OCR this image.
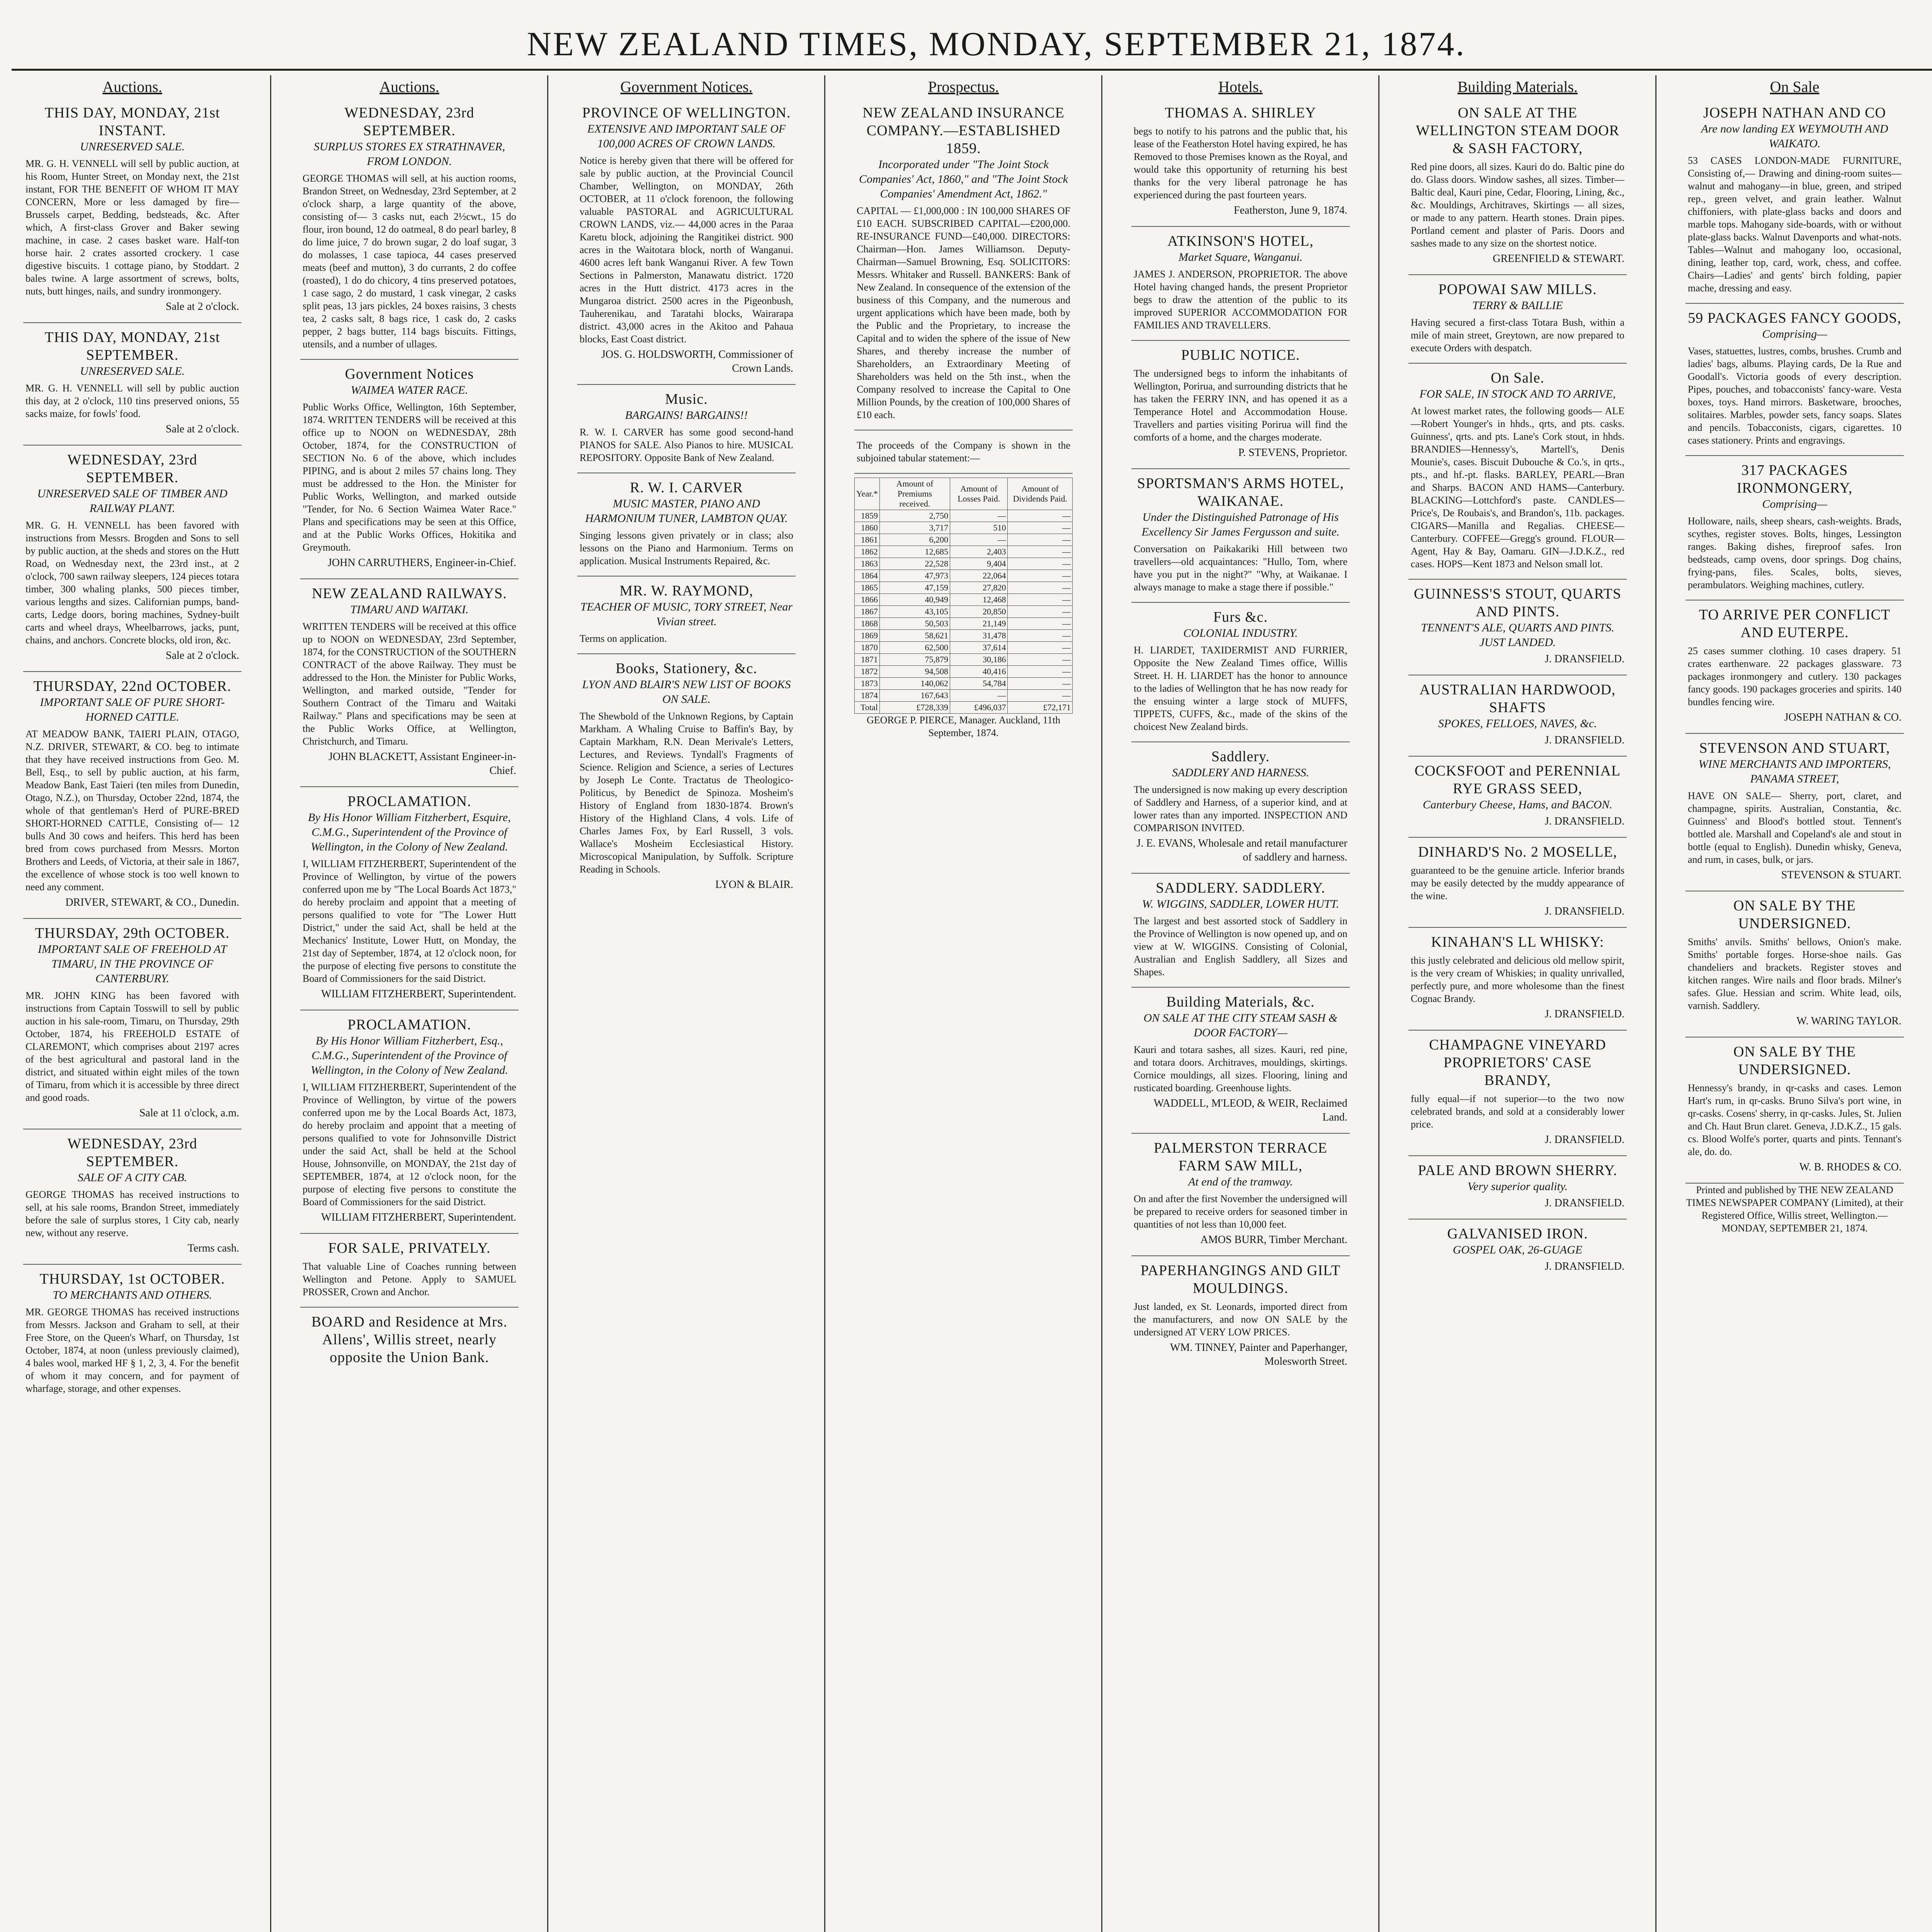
NEW ZEALAND TIMES, MONDAY, SEPTEMBER 21, 1874.
Auctions.
THIS DAY, MONDAY, 21st INSTANT.
UNRESERVED SALE.
MR. G. H. VENNELL will sell by public auction, at his Room, Hunter Street, on Monday next, the 21st instant, FOR THE BENEFIT OF WHOM IT MAY CONCERN, More or less damaged by fire— Brussels carpet, Bedding, bedsteads, &c. After which, A first-class Grover and Baker sewing machine, in case. 2 cases basket ware. Half-ton horse hair. 2 crates assorted crockery. 1 case digestive biscuits. 1 cottage piano, by Stoddart. 2 bales twine. A large assortment of screws, bolts, nuts, butt hinges, nails, and sundry ironmongery.
Sale at 2 o'clock.
THIS DAY, MONDAY, 21st SEPTEMBER.
UNRESERVED SALE.
MR. G. H. VENNELL will sell by public auction this day, at 2 o'clock, 110 tins preserved onions, 55 sacks maize, for fowls' food.
Sale at 2 o'clock.
WEDNESDAY, 23rd SEPTEMBER.
UNRESERVED SALE OF TIMBER AND RAILWAY PLANT.
MR. G. H. VENNELL has been favored with instructions from Messrs. Brogden and Sons to sell by public auction, at the sheds and stores on the Hutt Road, on Wednesday next, the 23rd inst., at 2 o'clock, 700 sawn railway sleepers, 124 pieces totara timber, 300 whaling planks, 500 pieces timber, various lengths and sizes. Californian pumps, band-carts, Ledge doors, boring machines, Sydney-built carts and wheel drays, Wheelbarrows, jacks, punt, chains, and anchors. Concrete blocks, old iron, &c.
Sale at 2 o'clock.
THURSDAY, 22nd OCTOBER.
IMPORTANT SALE OF PURE SHORT-HORNED CATTLE.
AT MEADOW BANK, TAIERI PLAIN, OTAGO, N.Z. DRIVER, STEWART, & CO. beg to intimate that they have received instructions from Geo. M. Bell, Esq., to sell by public auction, at his farm, Meadow Bank, East Taieri (ten miles from Dunedin, Otago, N.Z.), on Thursday, October 22nd, 1874, the whole of that gentleman's Herd of PURE-BRED SHORT-HORNED CATTLE, Consisting of— 12 bulls And 30 cows and heifers. This herd has been bred from cows purchased from Messrs. Morton Brothers and Leeds, of Victoria, at their sale in 1867, the excellence of whose stock is too well known to need any comment.
DRIVER, STEWART, & CO., Dunedin.
THURSDAY, 29th OCTOBER.
IMPORTANT SALE OF FREEHOLD AT TIMARU, IN THE PROVINCE OF CANTERBURY.
MR. JOHN KING has been favored with instructions from Captain Tosswill to sell by public auction in his sale-room, Timaru, on Thursday, 29th October, 1874, his FREEHOLD ESTATE of CLAREMONT, which comprises about 2197 acres of the best agricultural and pastoral land in the district, and situated within eight miles of the town of Timaru, from which it is accessible by three direct and good roads.
Sale at 11 o'clock, a.m.
WEDNESDAY, 23rd SEPTEMBER.
SALE OF A CITY CAB.
GEORGE THOMAS has received instructions to sell, at his sale rooms, Brandon Street, immediately before the sale of surplus stores, 1 City cab, nearly new, without any reserve.
Terms cash.
THURSDAY, 1st OCTOBER.
TO MERCHANTS AND OTHERS.
MR. GEORGE THOMAS has received instructions from Messrs. Jackson and Graham to sell, at their Free Store, on the Queen's Wharf, on Thursday, 1st October, 1874, at noon (unless previously claimed), 4 bales wool, marked HF § 1, 2, 3, 4. For the benefit of whom it may concern, and for payment of wharfage, storage, and other expenses.
Auctions.
WEDNESDAY, 23rd SEPTEMBER.
SURPLUS STORES EX STRATHNAVER, FROM LONDON.
GEORGE THOMAS will sell, at his auction rooms, Brandon Street, on Wednesday, 23rd September, at 2 o'clock sharp, a large quantity of the above, consisting of— 3 casks nut, each 2½cwt., 15 do flour, iron bound, 12 do oatmeal, 8 do pearl barley, 8 do lime juice, 7 do brown sugar, 2 do loaf sugar, 3 do molasses, 1 case tapioca, 44 cases preserved meats (beef and mutton), 3 do currants, 2 do coffee (roasted), 1 do do chicory, 4 tins preserved potatoes, 1 case sago, 2 do mustard, 1 cask vinegar, 2 casks split peas, 13 jars pickles, 24 boxes raisins, 3 chests tea, 2 casks salt, 8 bags rice, 1 cask do, 2 casks pepper, 2 bags butter, 114 bags biscuits. Fittings, utensils, and a number of ullages.
Government Notices
WAIMEA WATER RACE.
Public Works Office, Wellington, 16th September, 1874. WRITTEN TENDERS will be received at this office up to NOON on WEDNESDAY, 28th October, 1874, for the CONSTRUCTION of SECTION No. 6 of the above, which includes PIPING, and is about 2 miles 57 chains long. They must be addressed to the Hon. the Minister for Public Works, Wellington, and marked outside "Tender, for No. 6 Section Waimea Water Race." Plans and specifications may be seen at this Office, and at the Public Works Offices, Hokitika and Greymouth.
JOHN CARRUTHERS, Engineer-in-Chief.
NEW ZEALAND RAILWAYS.
TIMARU AND WAITAKI.
WRITTEN TENDERS will be received at this office up to NOON on WEDNESDAY, 23rd September, 1874, for the CONSTRUCTION of the SOUTHERN CONTRACT of the above Railway. They must be addressed to the Hon. the Minister for Public Works, Wellington, and marked outside, "Tender for Southern Contract of the Timaru and Waitaki Railway." Plans and specifications may be seen at the Public Works Office, at Wellington, Christchurch, and Timaru.
JOHN BLACKETT, Assistant Engineer-in-Chief.
PROCLAMATION.
By His Honor William Fitzherbert, Esquire, C.M.G., Superintendent of the Province of Wellington, in the Colony of New Zealand.
I, WILLIAM FITZHERBERT, Superintendent of the Province of Wellington, by virtue of the powers conferred upon me by "The Local Boards Act 1873," do hereby proclaim and appoint that a meeting of persons qualified to vote for "The Lower Hutt District," under the said Act, shall be held at the Mechanics' Institute, Lower Hutt, on Monday, the 21st day of September, 1874, at 12 o'clock noon, for the purpose of electing five persons to constitute the Board of Commissioners for the said District.
WILLIAM FITZHERBERT, Superintendent.
PROCLAMATION.
By His Honor William Fitzherbert, Esq., C.M.G., Superintendent of the Province of Wellington, in the Colony of New Zealand.
I, WILLIAM FITZHERBERT, Superintendent of the Province of Wellington, by virtue of the powers conferred upon me by the Local Boards Act, 1873, do hereby proclaim and appoint that a meeting of persons qualified to vote for Johnsonville District under the said Act, shall be held at the School House, Johnsonville, on MONDAY, the 21st day of SEPTEMBER, 1874, at 12 o'clock noon, for the purpose of electing five persons to constitute the Board of Commissioners for the said District.
WILLIAM FITZHERBERT, Superintendent.
FOR SALE, PRIVATELY.
That valuable Line of Coaches running between Wellington and Petone. Apply to SAMUEL PROSSER, Crown and Anchor.
BOARD and Residence at Mrs. Allens', Willis street, nearly opposite the Union Bank.
Government Notices.
PROVINCE OF WELLINGTON.
EXTENSIVE AND IMPORTANT SALE OF 100,000 ACRES OF CROWN LANDS.
Notice is hereby given that there will be offered for sale by public auction, at the Provincial Council Chamber, Wellington, on MONDAY, 26th OCTOBER, at 11 o'clock forenoon, the following valuable PASTORAL and AGRICULTURAL CROWN LANDS, viz.— 44,000 acres in the Paraa Karetu block, adjoining the Rangitikei district. 900 acres in the Waitotara block, north of Wanganui. 4600 acres left bank Wanganui River. A few Town Sections in Palmerston, Manawatu district. 1720 acres in the Hutt district. 4173 acres in the Mungaroa district. 2500 acres in the Pigeonbush, Tauherenikau, and Taratahi blocks, Wairarapa district. 43,000 acres in the Akitoo and Pahaua blocks, East Coast district.
JOS. G. HOLDSWORTH, Commissioner of Crown Lands.
Music.
BARGAINS! BARGAINS!!
R. W. I. CARVER has some good second-hand PIANOS for SALE. Also Pianos to hire. MUSICAL REPOSITORY. Opposite Bank of New Zealand.
R. W. I. CARVER
MUSIC MASTER, PIANO AND HARMONIUM TUNER, LAMBTON QUAY.
Singing lessons given privately or in class; also lessons on the Piano and Harmonium. Terms on application. Musical Instruments Repaired, &c.
MR. W. RAYMOND,
TEACHER OF MUSIC, TORY STREET, Near Vivian street.
Terms on application.
Books, Stationery, &c.
LYON AND BLAIR'S NEW LIST OF BOOKS ON SALE.
The Shewbold of the Unknown Regions, by Captain Markham. A Whaling Cruise to Baffin's Bay, by Captain Markham, R.N. Dean Merivale's Letters, Lectures, and Reviews. Tyndall's Fragments of Science. Religion and Science, a series of Lectures by Joseph Le Conte. Tractatus de Theologico-Politicus, by Benedict de Spinoza. Mosheim's History of England from 1830-1874. Brown's History of the Highland Clans, 4 vols. Life of Charles James Fox, by Earl Russell, 3 vols. Wallace's Mosheim Ecclesiastical History. Microscopical Manipulation, by Suffolk. Scripture Reading in Schools.
LYON & BLAIR.
Prospectus.
NEW ZEALAND INSURANCE COMPANY.—ESTABLISHED 1859.
Incorporated under "The Joint Stock Companies' Act, 1860," and "The Joint Stock Companies' Amendment Act, 1862."
CAPITAL — £1,000,000 : IN 100,000 SHARES OF £10 EACH. SUBSCRIBED CAPITAL—£200,000. RE-INSURANCE FUND—£40,000. DIRECTORS: Chairman—Hon. James Williamson. Deputy-Chairman—Samuel Browning, Esq. SOLICITORS: Messrs. Whitaker and Russell. BANKERS: Bank of New Zealand. In consequence of the extension of the business of this Company, and the numerous and urgent applications which have been made, both by the Public and the Proprietary, to increase the Capital and to widen the sphere of the issue of New Shares, and thereby increase the number of Shareholders, an Extraordinary Meeting of Shareholders was held on the 5th inst., when the Company resolved to increase the Capital to One Million Pounds, by the creation of 100,000 Shares of £10 each.
The proceeds of the Company is shown in the subjoined tabular statement:—
Year.*	Amount of Premiums received.	Amount of Losses Paid.	Amount of Dividends Paid.
1859	2,750	—	—
1860	3,717	510	—
1861	6,200	—	—
1862	12,685	2,403	—
1863	22,528	9,404	—
1864	47,973	22,064	—
1865	47,159	27,820	—
1866	40,949	12,468	—
1867	43,105	20,850	—
1868	50,503	21,149	—
1869	58,621	31,478	—
1870	62,500	37,614	—
1871	75,879	30,186	—
1872	94,508	40,416	—
1873	140,062	54,784	—
1874	167,643	—	—
Total	£728,339	£496,037	£72,171
GEORGE P. PIERCE, Manager. Auckland, 11th September, 1874.
Hotels.
THOMAS A. SHIRLEY
begs to notify to his patrons and the public that, his lease of the Featherston Hotel having expired, he has Removed to those Premises known as the Royal, and would take this opportunity of returning his best thanks for the very liberal patronage he has experienced during the past fourteen years.
Featherston, June 9, 1874.
ATKINSON'S HOTEL,
Market Square, Wanganui.
JAMES J. ANDERSON, PROPRIETOR. The above Hotel having changed hands, the present Proprietor begs to draw the attention of the public to its improved SUPERIOR ACCOMMODATION FOR FAMILIES AND TRAVELLERS.
PUBLIC NOTICE.
The undersigned begs to inform the inhabitants of Wellington, Porirua, and surrounding districts that he has taken the FERRY INN, and has opened it as a Temperance Hotel and Accommodation House. Travellers and parties visiting Porirua will find the comforts of a home, and the charges moderate.
P. STEVENS, Proprietor.
SPORTSMAN'S ARMS HOTEL, WAIKANAE.
Under the Distinguished Patronage of His Excellency Sir James Fergusson and suite.
Conversation on Paikakariki Hill between two travellers—old acquaintances: "Hullo, Tom, where have you put in the night?" "Why, at Waikanae. I always manage to make a stage there if possible."
Furs &c.
COLONIAL INDUSTRY.
H. LIARDET, TAXIDERMIST AND FURRIER, Opposite the New Zealand Times office, Willis Street. H. H. LIARDET has the honor to announce to the ladies of Wellington that he has now ready for the ensuing winter a large stock of MUFFS, TIPPETS, CUFFS, &c., made of the skins of the choicest New Zealand birds.
Saddlery.
SADDLERY AND HARNESS.
The undersigned is now making up every description of Saddlery and Harness, of a superior kind, and at lower rates than any imported. INSPECTION AND COMPARISON INVITED.
J. E. EVANS, Wholesale and retail manufacturer of saddlery and harness.
SADDLERY. SADDLERY.
W. WIGGINS, SADDLER, LOWER HUTT.
The largest and best assorted stock of Saddlery in the Province of Wellington is now opened up, and on view at W. WIGGINS. Consisting of Colonial, Australian and English Saddlery, all Sizes and Shapes.
Building Materials, &c.
ON SALE AT THE CITY STEAM SASH & DOOR FACTORY—
Kauri and totara sashes, all sizes. Kauri, red pine, and totara doors. Architraves, mouldings, skirtings. Cornice mouldings, all sizes. Flooring, lining and rusticated boarding. Greenhouse lights.
WADDELL, M'LEOD, & WEIR, Reclaimed Land.
PALMERSTON TERRACE FARM SAW MILL,
At end of the tramway.
On and after the first November the undersigned will be prepared to receive orders for seasoned timber in quantities of not less than 10,000 feet.
AMOS BURR, Timber Merchant.
PAPERHANGINGS AND GILT MOULDINGS.
Just landed, ex St. Leonards, imported direct from the manufacturers, and now ON SALE by the undersigned AT VERY LOW PRICES.
WM. TINNEY, Painter and Paperhanger, Molesworth Street.
Building Materials.
ON SALE AT THE WELLINGTON STEAM DOOR & SASH FACTORY,
Red pine doors, all sizes. Kauri do do. Baltic pine do do. Glass doors. Window sashes, all sizes. Timber— Baltic deal, Kauri pine, Cedar, Flooring, Lining, &c., &c. Mouldings, Architraves, Skirtings — all sizes, or made to any pattern. Hearth stones. Drain pipes. Portland cement and plaster of Paris. Doors and sashes made to any size on the shortest notice.
GREENFIELD & STEWART.
POPOWAI SAW MILLS.
TERRY & BAILLIE
Having secured a first-class Totara Bush, within a mile of main street, Greytown, are now prepared to execute Orders with despatch.
On Sale.
FOR SALE, IN STOCK AND TO ARRIVE,
At lowest market rates, the following goods— ALE—Robert Younger's in hhds., qrts, and pts. casks. Guinness', qrts. and pts. Lane's Cork stout, in hhds. BRANDIES—Hennessy's, Martell's, Denis Mounie's, cases. Biscuit Dubouche & Co.'s, in qrts., pts., and hf.-pt. flasks. BARLEY, PEARL—Bran and Sharps. BACON AND HAMS—Canterbury. BLACKING—Lottchford's paste. CANDLES—Price's, De Roubais's, and Brandon's, 11b. packages. CIGARS—Manilla and Regalias. CHEESE—Canterbury. COFFEE—Gregg's ground. FLOUR—Agent, Hay & Bay, Oamaru. GIN—J.D.K.Z., red cases. HOPS—Kent 1873 and Nelson small lot.
GUINNESS'S STOUT, QUARTS AND PINTS.
TENNENT'S ALE, QUARTS AND PINTS. JUST LANDED.
J. DRANSFIELD.
AUSTRALIAN HARDWOOD, SHAFTS
SPOKES, FELLOES, NAVES, &c.
J. DRANSFIELD.
COCKSFOOT and PERENNIAL RYE GRASS SEED,
Canterbury Cheese, Hams, and BACON.
J. DRANSFIELD.
DINHARD'S No. 2 MOSELLE,
guaranteed to be the genuine article. Inferior brands may be easily detected by the muddy appearance of the wine.
J. DRANSFIELD.
KINAHAN'S LL WHISKY:
this justly celebrated and delicious old mellow spirit, is the very cream of Whiskies; in quality unrivalled, perfectly pure, and more wholesome than the finest Cognac Brandy.
J. DRANSFIELD.
CHAMPAGNE VINEYARD PROPRIETORS' CASE BRANDY,
fully equal—if not superior—to the two now celebrated brands, and sold at a considerably lower price.
J. DRANSFIELD.
PALE AND BROWN SHERRY.
Very superior quality.
J. DRANSFIELD.
GALVANISED IRON.
GOSPEL OAK, 26-GUAGE
J. DRANSFIELD.
On Sale
JOSEPH NATHAN AND CO
Are now landing EX WEYMOUTH AND WAIKATO.
53 CASES LONDON-MADE FURNITURE, Consisting of,— Drawing and dining-room suites—walnut and mahogany—in blue, green, and striped rep., green velvet, and grain leather. Walnut chiffoniers, with plate-glass backs and doors and marble tops. Mahogany side-boards, with or without plate-glass backs. Walnut Davenports and what-nots. Tables—Walnut and mahogany loo, occasional, dining, leather top, card, work, chess, and coffee. Chairs—Ladies' and gents' birch folding, papier mache, dressing and easy.
59 PACKAGES FANCY GOODS,
Comprising—
Vases, statuettes, lustres, combs, brushes. Crumb and ladies' bags, albums. Playing cards, De la Rue and Goodall's. Victoria goods of every description. Pipes, pouches, and tobacconists' fancy-ware. Vesta boxes, toys. Hand mirrors. Basketware, brooches, solitaires. Marbles, powder sets, fancy soaps. Slates and pencils. Tobacconists, cigars, cigarettes. 10 cases stationery. Prints and engravings.
317 PACKAGES IRONMONGERY,
Comprising—
Holloware, nails, sheep shears, cash-weights. Brads, scythes, register stoves. Bolts, hinges, Lessington ranges. Baking dishes, fireproof safes. Iron bedsteads, camp ovens, door springs. Dog chains, frying-pans, files. Scales, bolts, sieves, perambulators. Weighing machines, cutlery.
TO ARRIVE PER CONFLICT AND EUTERPE.
25 cases summer clothing. 10 cases drapery. 51 crates earthenware. 22 packages glassware. 73 packages ironmongery and cutlery. 130 packages fancy goods. 190 packages groceries and spirits. 140 bundles fencing wire.
JOSEPH NATHAN & CO.
STEVENSON AND STUART,
WINE MERCHANTS AND IMPORTERS, PANAMA STREET,
HAVE ON SALE— Sherry, port, claret, and champagne, spirits. Australian, Constantia, &c. Guinness' and Blood's bottled stout. Tennent's bottled ale. Marshall and Copeland's ale and stout in bottle (equal to English). Dunedin whisky, Geneva, and rum, in cases, bulk, or jars.
STEVENSON & STUART.
ON SALE BY THE UNDERSIGNED.
Smiths' anvils. Smiths' bellows, Onion's make. Smiths' portable forges. Horse-shoe nails. Gas chandeliers and brackets. Register stoves and kitchen ranges. Wire nails and floor brads. Milner's safes. Glue. Hessian and scrim. White lead, oils, varnish. Saddlery.
W. WARING TAYLOR.
ON SALE BY THE UNDERSIGNED.
Hennessy's brandy, in qr-casks and cases. Lemon Hart's rum, in qr-casks. Bruno Silva's port wine, in qr-casks. Cosens' sherry, in qr-casks. Jules, St. Julien and Ch. Haut Brun claret. Geneva, J.D.K.Z., 15 gals. cs. Blood Wolfe's porter, quarts and pints. Tennant's ale, do. do.
W. B. RHODES & CO.
Printed and published by THE NEW ZEALAND TIMES NEWSPAPER COMPANY (Limited), at their Registered Office, Willis street, Wellington.—MONDAY, SEPTEMBER 21, 1874.
